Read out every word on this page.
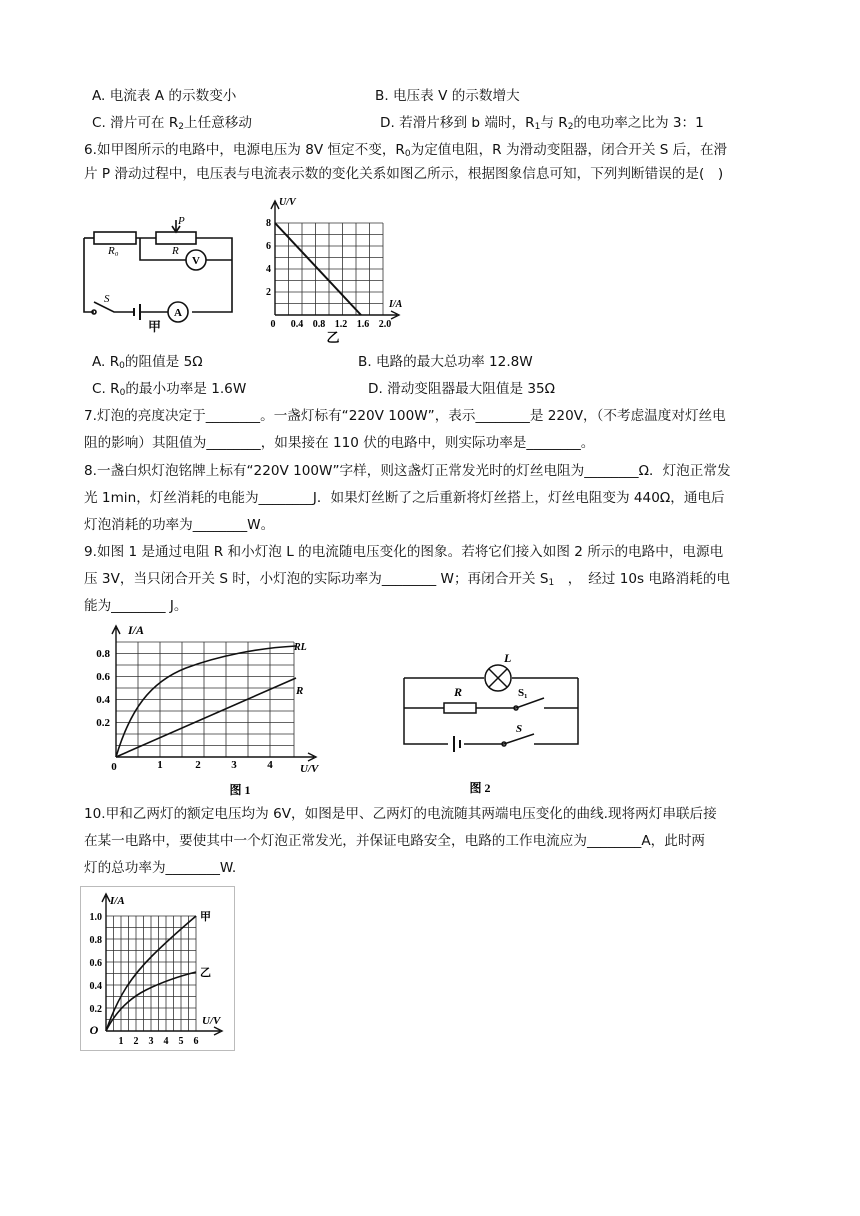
A. 电流表 A 的示数变小	B. 电压表 V 的示数增大
C. 滑片可在 $R_2$上任意移动	D. 若滑片移到 b 端时，$R_1$与 $R_2$的电功率之比为 3：1
6.如甲图所示的电路中，电源电压为 8V 恒定不变，$R_0$为定值电阻，R 为滑动变阻器，闭合开关 S 后，在滑
片 P 滑动过程中，电压表与电流表示数的变化关系如图乙所示，根据图象信息可知，下列判断错误的是(　)
R₀	R
P
V
A
S
甲
U/V
I/A
8
6
4
2
0 0.4 0.8 1.2 1.6 2.0
乙
A. $R_0$的阻值是 5Ω	B. 电路的最大总功率 12.8W
C. $R_0$的最小功率是 1.6W	D. 滑动变阻器最大阻值是 35Ω
7.灯泡的亮度决定于________。一盏灯标有“220V 100W”，表示________是 220V，（不考虑温度对灯丝电
阻的影响）其阻值为________，如果接在 110 伏的电路中，则实际功率是________。
8.一盏白炽灯泡铭牌上标有“220V 100W”字样，则这盏灯正常发光时的灯丝电阻为________Ω．灯泡正常发
光 1min，灯丝消耗的电能为________J．如果灯丝断了之后重新将灯丝搭上，灯丝电阻变为 440Ω，通电后
灯泡消耗的功率为________W。
9.如图 1 是通过电阻 R 和小灯泡 L 的电流随电压变化的图象。若将它们接入如图 2 所示的电路中，电源电
压 3V，当只闭合开关 S 时，小灯泡的实际功率为________ W；再闭合开关 $S_1$　，　经过 10s 电路消耗的电
能为________ J。
I/A
U/V
RL
R
0.8
0.6
0.4
0.2
0	1	2	3	4
图 1
L
R	S₁
S
图 2
10.甲和乙两灯的额定电压均为 6V，如图是甲、乙两灯的电流随其两端电压变化的曲线.现将两灯串联后接
在某一电路中，要使其中一个灯泡正常发光，并保证电路安全，电路的工作电流应为________A，此时两
灯的总功率为________W.
I/A
U/V
甲
乙
1.0
0.8
0.6
0.4
0.2
O
1 2 3 4 5 6
